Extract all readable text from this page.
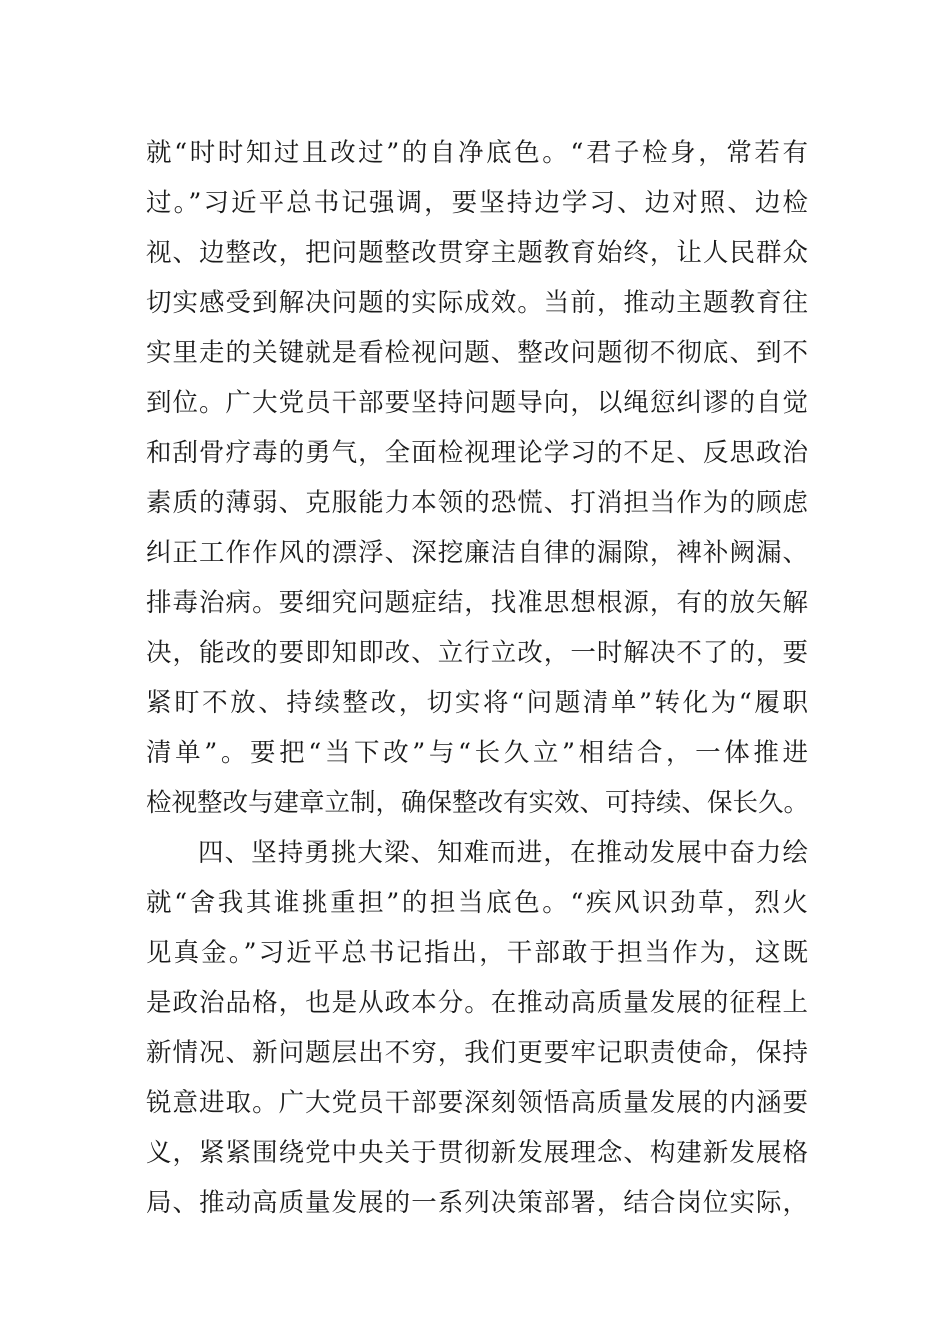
就“时时知过且改过”的自净底色。“君子检身，常若有
过。”习近平总书记强调，要坚持边学习、边对照、边检
视、边整改，把问题整改贯穿主题教育始终，让人民群众
切实感受到解决问题的实际成效。当前，推动主题教育往
实里走的关键就是看检视问题、整改问题彻不彻底、到不
到位。广大党员干部要坚持问题导向，以绳愆纠谬的自觉
和刮骨疗毒的勇气，全面检视理论学习的不足、反思政治
素质的薄弱、克服能力本领的恐慌、打消担当作为的顾虑
纠正工作作风的漂浮、深挖廉洁自律的漏隙，裨补阙漏、
排毒治病。要细究问题症结，找准思想根源，有的放矢解
决，能改的要即知即改、立行立改，一时解决不了的，要
紧盯不放、持续整改，切实将“问题清单”转化为“履职
清单”。要把“当下改”与“长久立”相结合，一体推进
检视整改与建章立制，确保整改有实效、可持续、保长久。
四、坚持勇挑大梁、知难而进，在推动发展中奋力绘
就“舍我其谁挑重担”的担当底色。“疾风识劲草，烈火
见真金。”习近平总书记指出，干部敢于担当作为，这既
是政治品格，也是从政本分。在推动高质量发展的征程上
新情况、新问题层出不穷，我们更要牢记职责使命，保持
锐意进取。广大党员干部要深刻领悟高质量发展的内涵要
义，紧紧围绕党中央关于贯彻新发展理念、构建新发展格
局、推动高质量发展的一系列决策部署，结合岗位实际，
